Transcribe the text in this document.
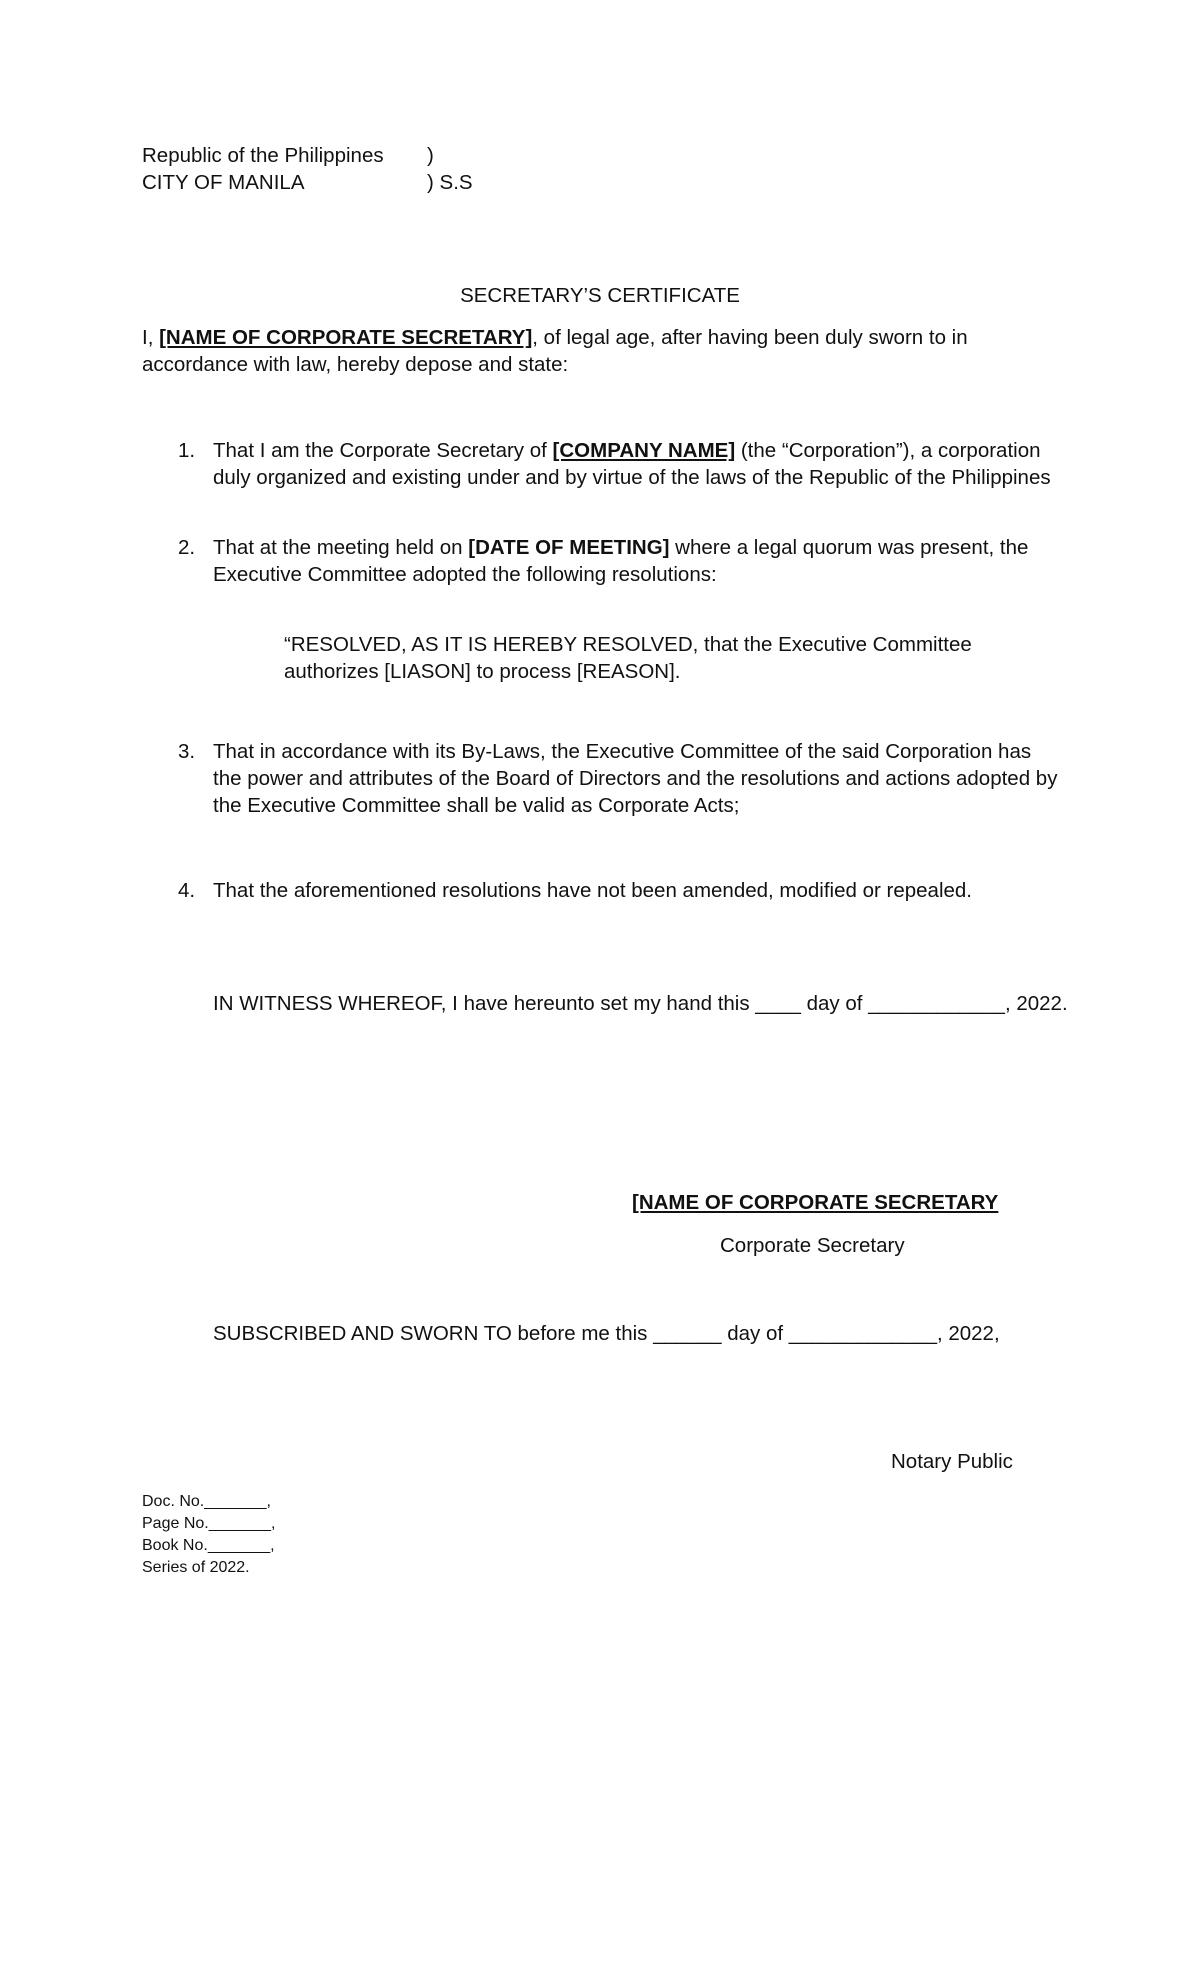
Republic of the Philippines )
CITY OF MANILA	) S.S
SECRETARY’S CERTIFICATE
I, [NAME OF CORPORATE SECRETARY], of legal age, after having been duly sworn to in accordance with law, hereby depose and state:
1. That I am the Corporate Secretary of [COMPANY NAME] (the “Corporation”), a corporation duly organized and existing under and by virtue of the laws of the Republic of the Philippines
2. That at the meeting held on [DATE OF MEETING] where a legal quorum was present, the Executive Committee adopted the following resolutions:
“RESOLVED, AS IT IS HEREBY RESOLVED, that the Executive Committee authorizes [LIASON] to process [REASON].
3. That in accordance with its By-Laws, the Executive Committee of the said Corporation has the power and attributes of the Board of Directors and the resolutions and actions adopted by the Executive Committee shall be valid as Corporate Acts;
4. That the aforementioned resolutions have not been amended, modified or repealed.
IN WITNESS WHEREOF, I have hereunto set my hand this ____ day of ____________, 2022.
[NAME OF CORPORATE SECRETARY
Corporate Secretary
SUBSCRIBED AND SWORN TO before me this ______ day of _____________, 2022,
Notary Public
Doc. No._______,
Page No._______,
Book No._______,
Series of 2022.
